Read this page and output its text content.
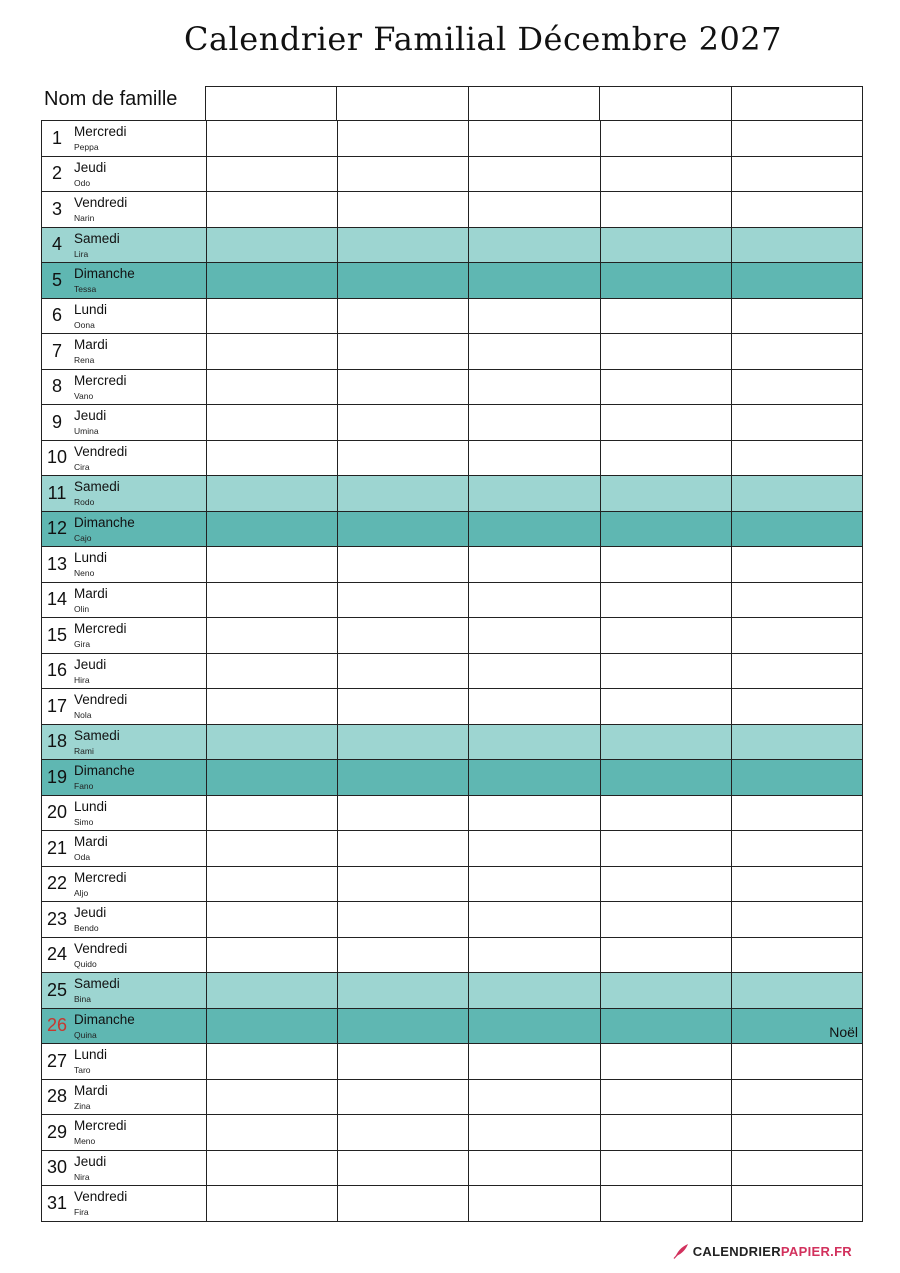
Calendrier Familial Décembre 2027
Nom de famille

1 Mercredi
Peppa					

2 Jeudi
Odo					

3 Vendredi
Narin					

4 Samedi
Lira					

5 Dimanche
Tessa					

6 Lundi
Oona					

7 Mardi
Rena					

8 Mercredi
Vano					

9 Jeudi
Umina					

10 Vendredi
Cira					

11 Samedi
Rodo					

12 Dimanche
Cajo					

13 Lundi
Neno					

14 Mardi
Olin					

15 Mercredi
Gira					

16 Jeudi
Hira					

17 Vendredi
Nola					

18 Samedi
Rami					

19 Dimanche
Fano					

20 Lundi
Simo					

21 Mardi
Oda					

22 Mercredi
Aljo					

23 Jeudi
Bendo					

24 Vendredi
Quido					

25 Samedi
Bina					

26 Dimanche
Quina					Noël

27 Lundi
Taro					

28 Mardi
Zina					

29 Mercredi
Meno					

30 Jeudi
Nira					

31 Vendredi
Fira					

CALENDRIER PAPIER.FR
